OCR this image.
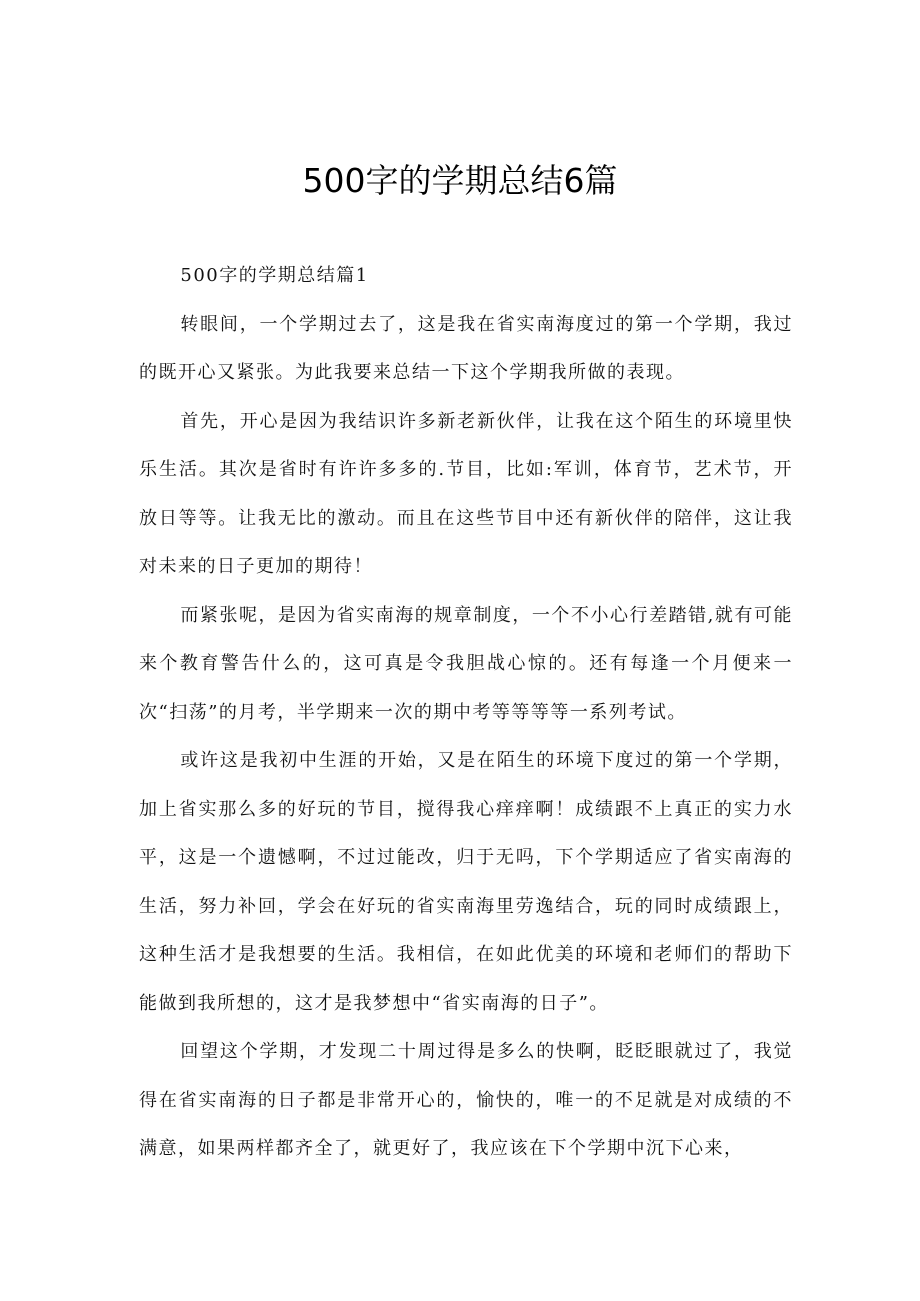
500字的学期总结6篇

500字的学期总结篇1

转眼间，一个学期过去了，这是我在省实南海度过的第一个学期，我过的既开心又紧张。为此我要来总结一下这个学期我所做的表现。

首先，开心是因为我结识许多新老新伙伴，让我在这个陌生的环境里快乐生活。其次是省时有许许多多的.节目，比如:军训，体育节，艺术节，开放日等等。让我无比的激动。而且在这些节目中还有新伙伴的陪伴，这让我对未来的日子更加的期待！

而紧张呢，是因为省实南海的规章制度，一个不小心行差踏错,就有可能来个教育警告什么的，这可真是令我胆战心惊的。还有每逢一个月便来一次“扫荡”的月考，半学期来一次的期中考等等等等一系列考试。

或许这是我初中生涯的开始，又是在陌生的环境下度过的第一个学期，加上省实那么多的好玩的节目，搅得我心痒痒啊！成绩跟不上真正的实力水平，这是一个遗憾啊，不过过能改，归于无吗，下个学期适应了省实南海的生活，努力补回，学会在好玩的省实南海里劳逸结合，玩的同时成绩跟上，这种生活才是我想要的生活。我相信，在如此优美的环境和老师们的帮助下能做到我所想的，这才是我梦想中“省实南海的日子”。

回望这个学期，才发现二十周过得是多么的快啊，眨眨眼就过了，我觉得在省实南海的日子都是非常开心的，愉快的，唯一的不足就是对成绩的不满意，如果两样都齐全了，就更好了，我应该在下个学期中沉下心来，
